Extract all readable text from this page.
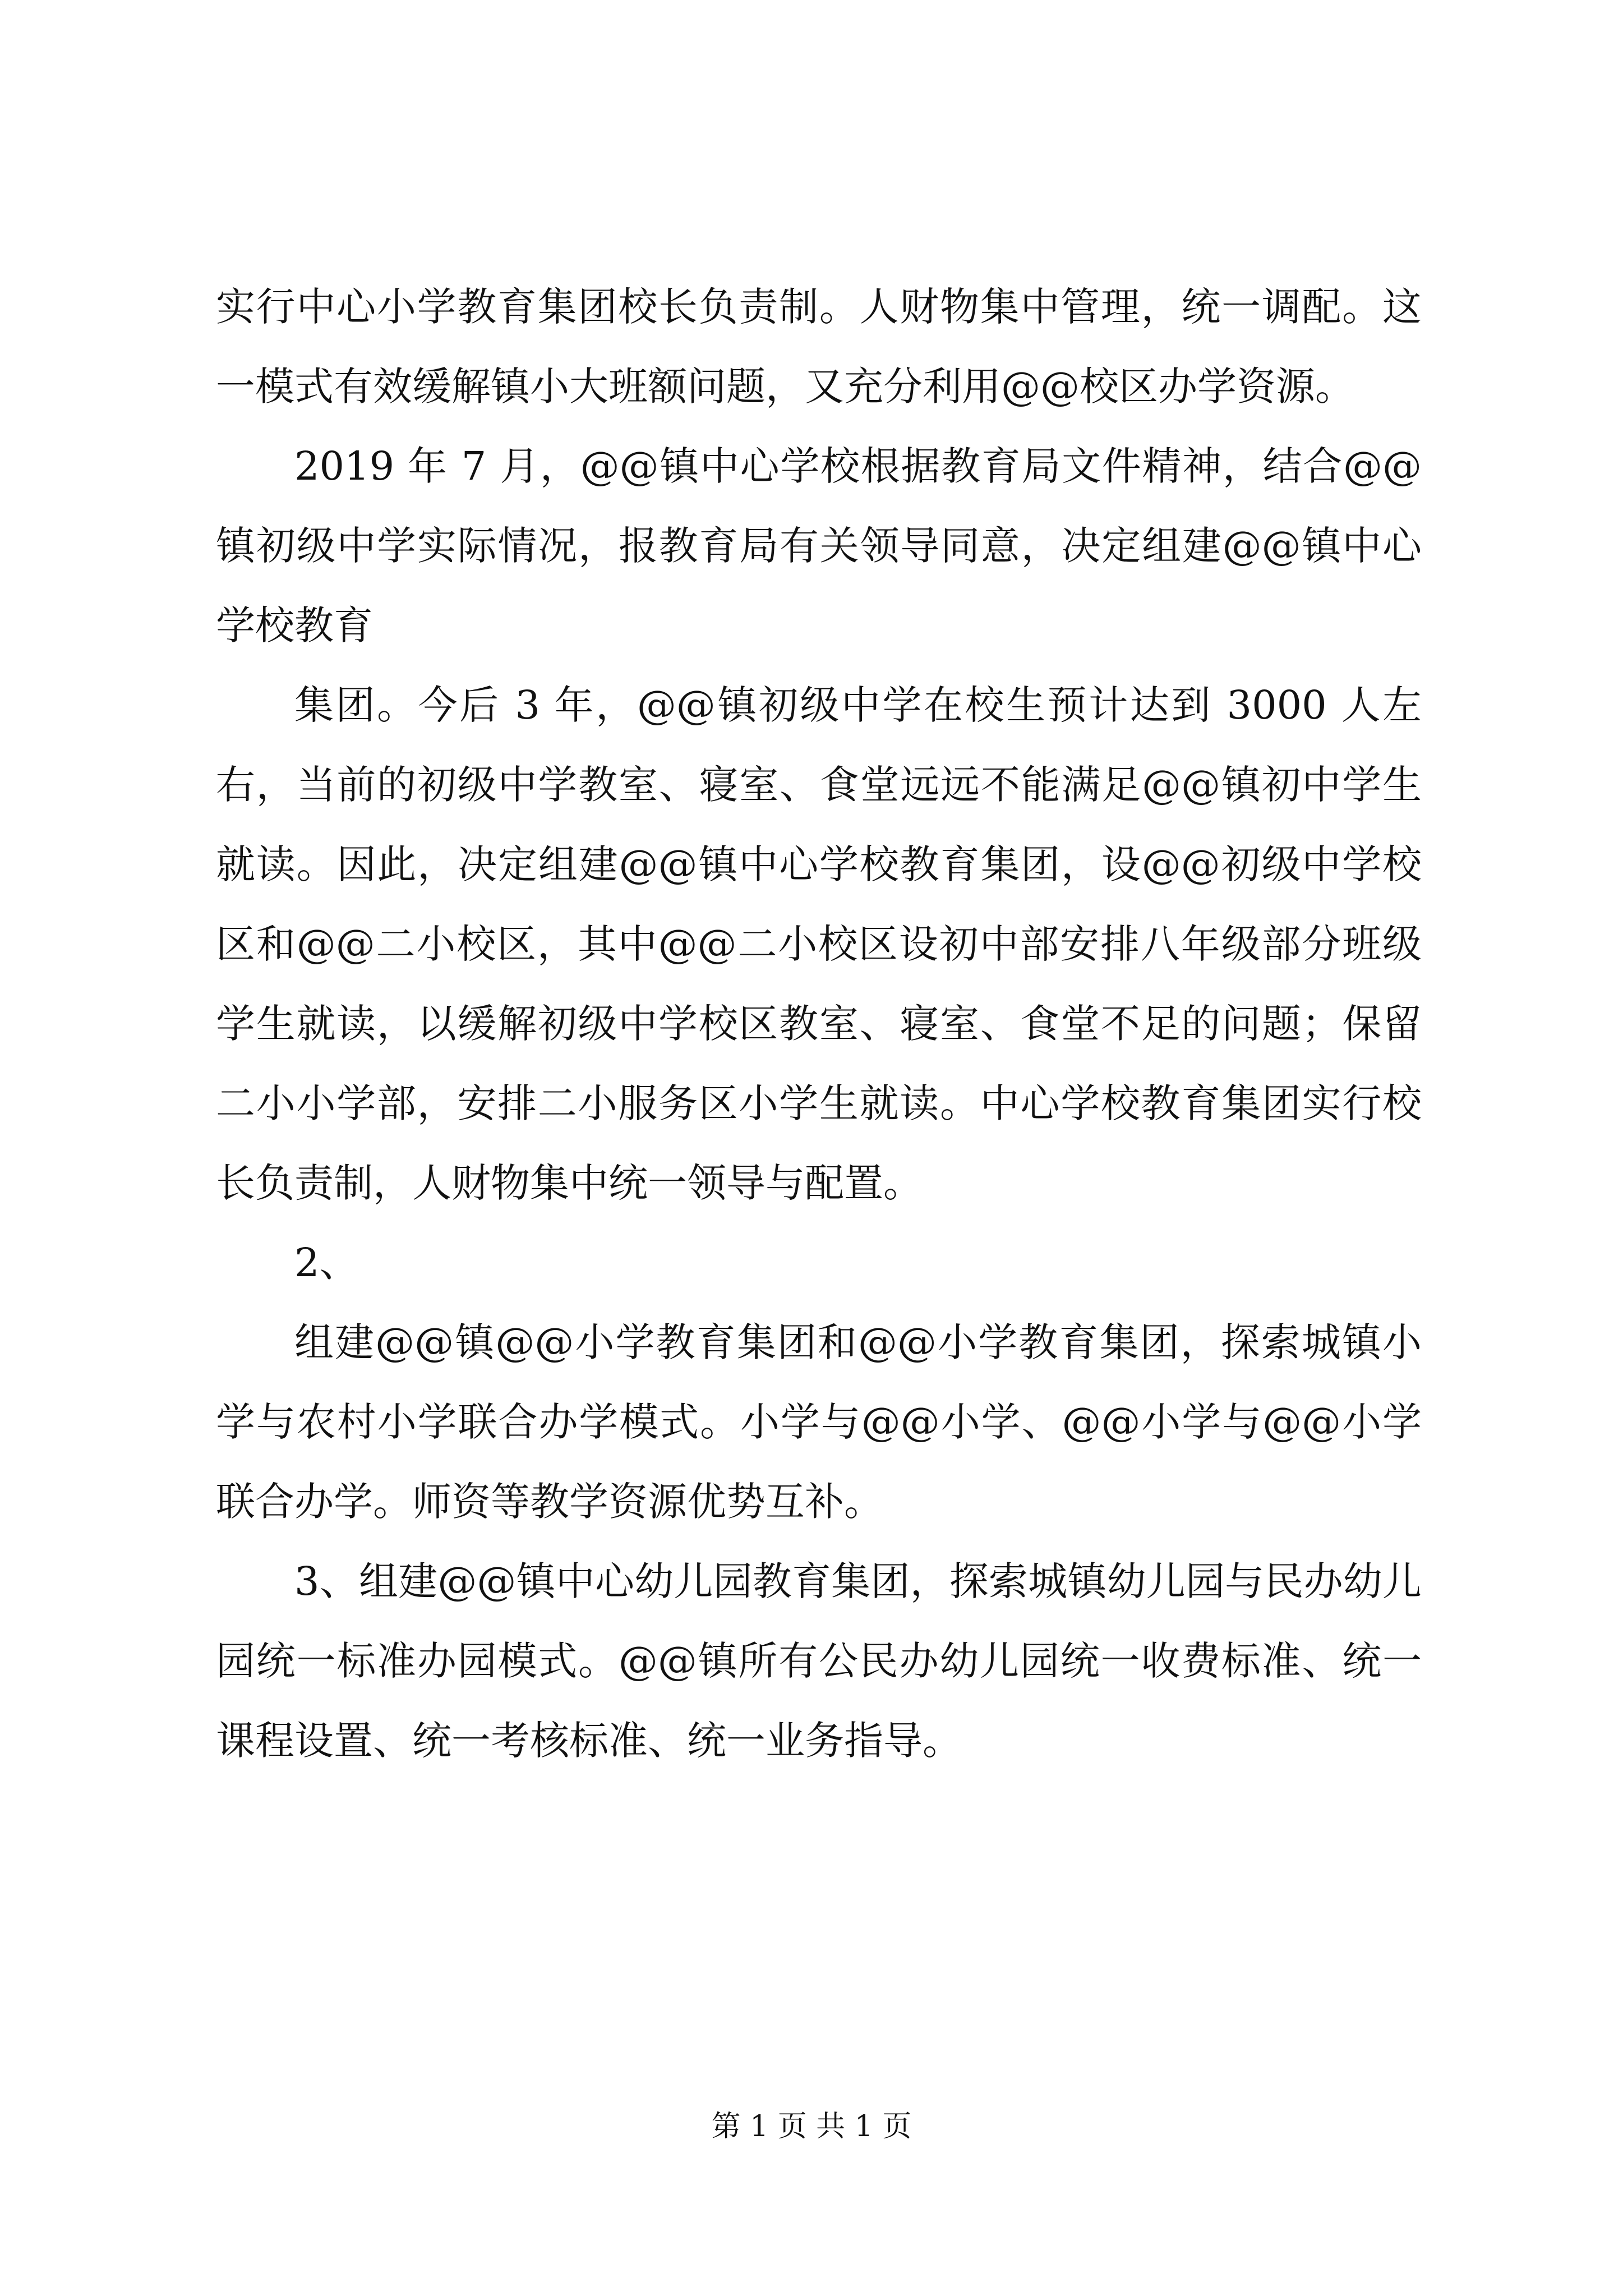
实行中心小学教育集团校长负责制。人财物集中管理，统一调配。这一模式有效缓解镇小大班额问题，又充分利用@@校区办学资源。

2019 年 7 月，@@镇中心学校根据教育局文件精神，结合@@镇初级中学实际情况，报教育局有关领导同意，决定组建@@镇中心学校教育

集团。今后 3 年，@@镇初级中学在校生预计达到 3000 人左右，当前的初级中学教室、寝室、食堂远远不能满足@@镇初中学生就读。因此，决定组建@@镇中心学校教育集团，设@@初级中学校区和@@二小校区，其中@@二小校区设初中部安排八年级部分班级学生就读，以缓解初级中学校区教室、寝室、食堂不足的问题；保留二小小学部，安排二小服务区小学生就读。中心学校教育集团实行校长负责制，人财物集中统一领导与配置。

2、

组建@@镇@@小学教育集团和@@小学教育集团，探索城镇小学与农村小学联合办学模式。小学与@@小学、@@小学与@@小学联合办学。师资等教学资源优势互补。

3、组建@@镇中心幼儿园教育集团，探索城镇幼儿园与民办幼儿园统一标准办园模式。@@镇所有公民办幼儿园统一收费标准、统一课程设置、统一考核标准、统一业务指导。

第 1 页 共 1 页
